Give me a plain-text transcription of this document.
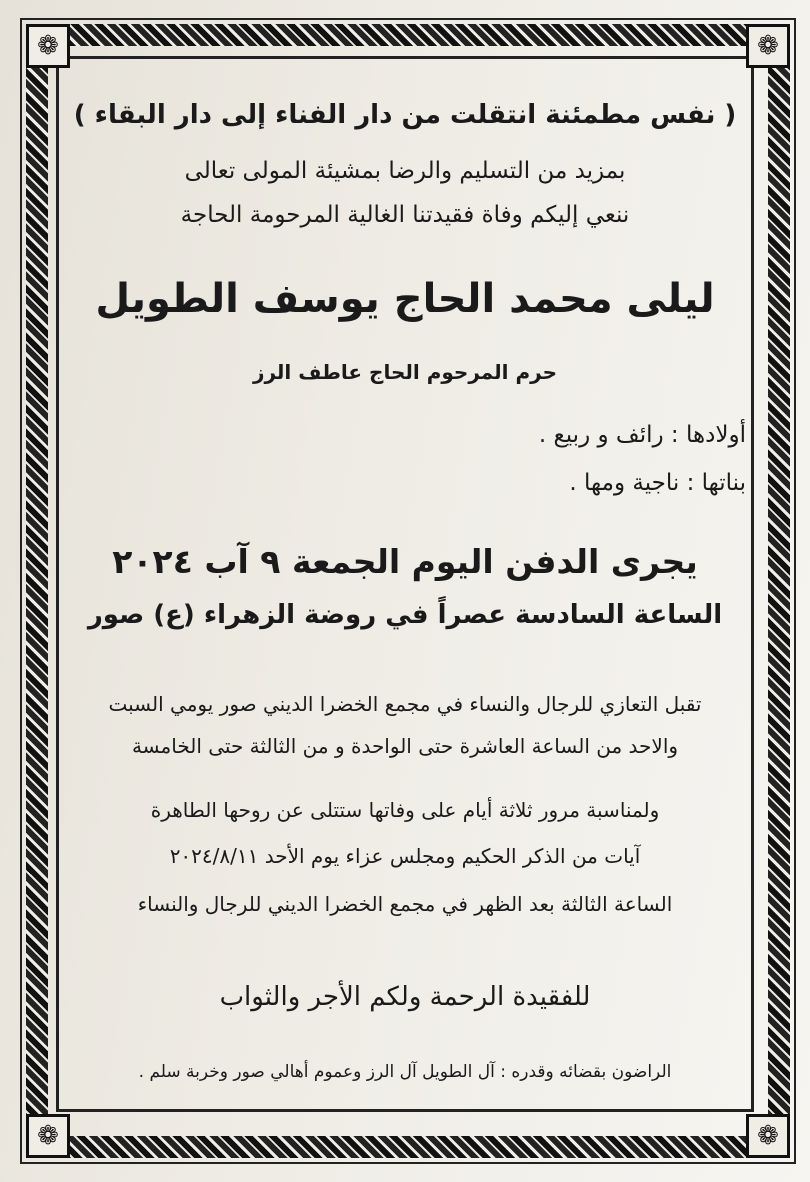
❁	❁
❁	❁
( نفس مطمئنة انتقلت من دار الفناء إلى دار البقاء )
بمزيد من التسليم والرضا بمشيئة المولى تعالى
ننعي إليكم وفاة فقيدتنا الغالية المرحومة الحاجة
ليلى محمد الحاج يوسف الطويل
حرم المرحوم الحاج عاطف الرز
أولادها : رائف و ربيع .
بناتها : ناجية ومها .
يجرى الدفن اليوم الجمعة ٩ آب ٢٠٢٤
الساعة السادسة عصراً في روضة الزهراء (ع) صور
تقبل التعازي للرجال والنساء في مجمع الخضرا الديني صور يومي السبت
والاحد من الساعة العاشرة حتى الواحدة و من الثالثة حتى الخامسة
ولمناسبة مرور ثلاثة أيام على وفاتها ستتلى عن روحها الطاهرة
آيات من الذكر الحكيم ومجلس عزاء يوم الأحد ٢٠٢٤/٨/١١
الساعة الثالثة بعد الظهر في مجمع الخضرا الديني للرجال والنساء
للفقيدة الرحمة ولكم الأجر والثواب
الراضون بقضائه وقدره : آل الطويل آل الرز وعموم أهالي صور وخربة سلم .
